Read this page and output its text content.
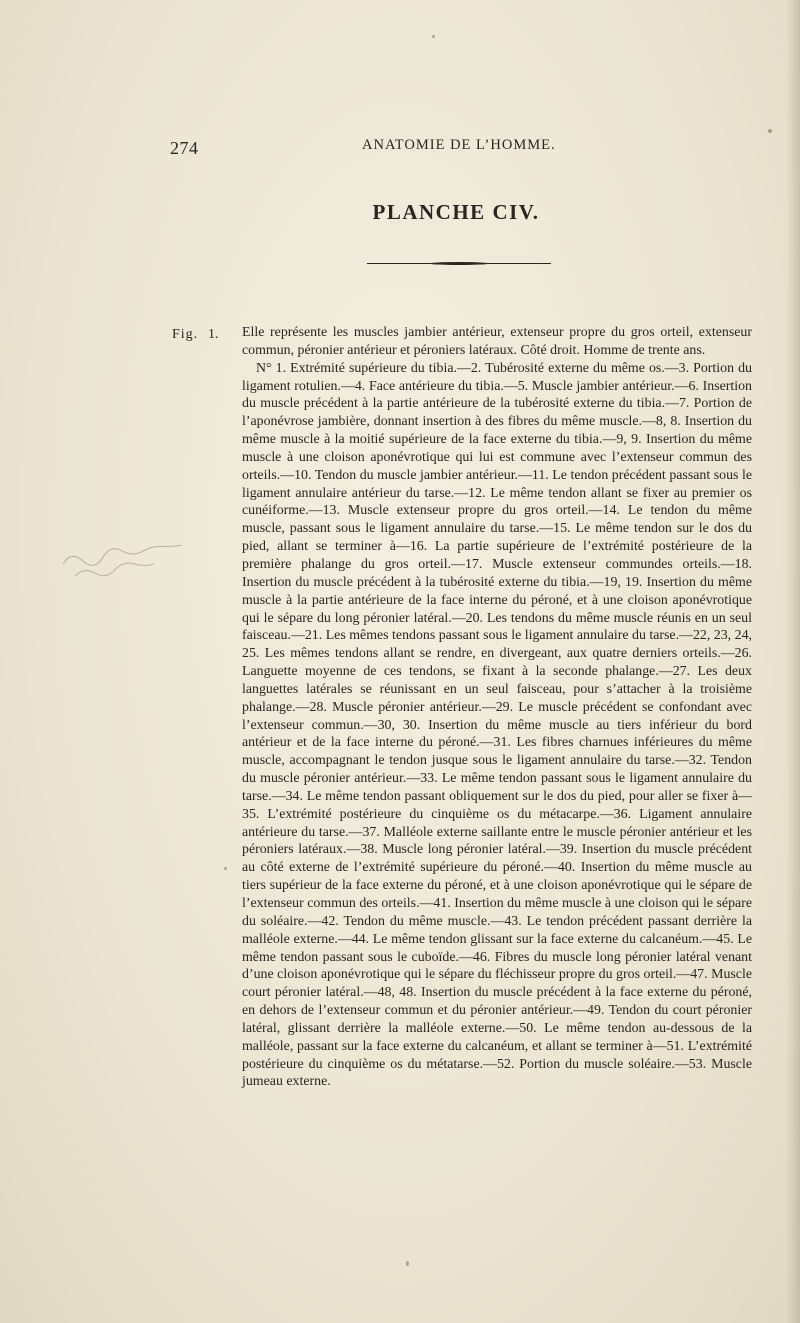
274	ANATOMIE DE L’HOMME.
PLANCHE CIV.
Fig. 1. Elle représente les muscles jambier antérieur, extenseur propre du gros orteil, extenseur commun, péronier antérieur et péroniers latéraux. Côté droit. Homme de trente ans.

N° 1. Extrémité supérieure du tibia.—2. Tubérosité externe du même os.—3. Portion du ligament rotulien.—4. Face antérieure du tibia.—5. Muscle jambier antérieur.—6. Insertion du muscle précédent à la partie antérieure de la tubérosité externe du tibia.—7. Portion de l’aponévrose jambière, donnant insertion à des fibres du même muscle.—8, 8. Insertion du même muscle à la moitié supérieure de la face externe du tibia.—9, 9. Insertion du même muscle à une cloison aponévrotique qui lui est commune avec l’extenseur commun des orteils.—10. Tendon du muscle jambier antérieur.—11. Le tendon précédent passant sous le ligament annulaire antérieur du tarse.—12. Le même tendon allant se fixer au premier os cunéiforme.—13. Muscle extenseur propre du gros orteil.—14. Le tendon du même muscle, passant sous le ligament annulaire du tarse.—15. Le même tendon sur le dos du pied, allant se terminer à—16. La partie supérieure de l’extrémité postérieure de la première phalange du gros orteil.—17. Muscle extenseur commundes orteils.—18. Insertion du muscle précédent à la tubérosité externe du tibia.—19, 19. Insertion du même muscle à la partie antérieure de la face interne du péroné, et à une cloison aponévrotique qui le sépare du long péronier latéral.—20. Les tendons du même muscle réunis en un seul faisceau.—21. Les mêmes tendons passant sous le ligament annulaire du tarse.—22, 23, 24, 25. Les mêmes tendons allant se rendre, en divergeant, aux quatre derniers orteils.—26. Languette moyenne de ces tendons, se fixant à la seconde phalange.—27. Les deux languettes latérales se réunissant en un seul faisceau, pour s’attacher à la troisième phalange.—28. Muscle péronier antérieur.—29. Le muscle précédent se confondant avec l’extenseur commun.—30, 30. Insertion du même muscle au tiers inférieur du bord antérieur et de la face interne du péroné.—31. Les fibres charnues inférieures du même muscle, accompagnant le tendon jusque sous le ligament annulaire du tarse.—32. Tendon du muscle péronier antérieur.—33. Le même tendon passant sous le ligament annulaire du tarse.—34. Le même tendon passant obliquement sur le dos du pied, pour aller se fixer à—35. L’extrémité postérieure du cinquième os du métacarpe.—36. Ligament annulaire antérieure du tarse.—37. Malléole externe saillante entre le muscle péronier antérieur et les péroniers latéraux.—38. Muscle long péronier latéral.—39. Insertion du muscle précédent au côté externe de l’extrémité supérieure du péroné.—40. Insertion du même muscle au tiers supérieur de la face externe du péroné, et à une cloison aponévrotique qui le sépare de l’extenseur commun des orteils.—41. Insertion du même muscle à une cloison qui le sépare du soléaire.—42. Tendon du même muscle.—43. Le tendon précédent passant derrière la malléole externe.—44. Le même tendon glissant sur la face externe du calcanéum.—45. Le même tendon passant sous le cuboïde.—46. Fibres du muscle long péronier latéral venant d’une cloison aponévrotique qui le sépare du fléchisseur propre du gros orteil.—47. Muscle court péronier latéral.—48, 48. Insertion du muscle précédent à la face externe du péroné, en dehors de l’extenseur commun et du péronier antérieur.—49. Tendon du court péronier latéral, glissant derrière la malléole externe.—50. Le même tendon au-dessous de la malléole, passant sur la face externe du calcanéum, et allant se terminer à—51. L’extrémité postérieure du cinquième os du métatarse.—52. Portion du muscle soléaire.—53. Muscle jumeau externe.
